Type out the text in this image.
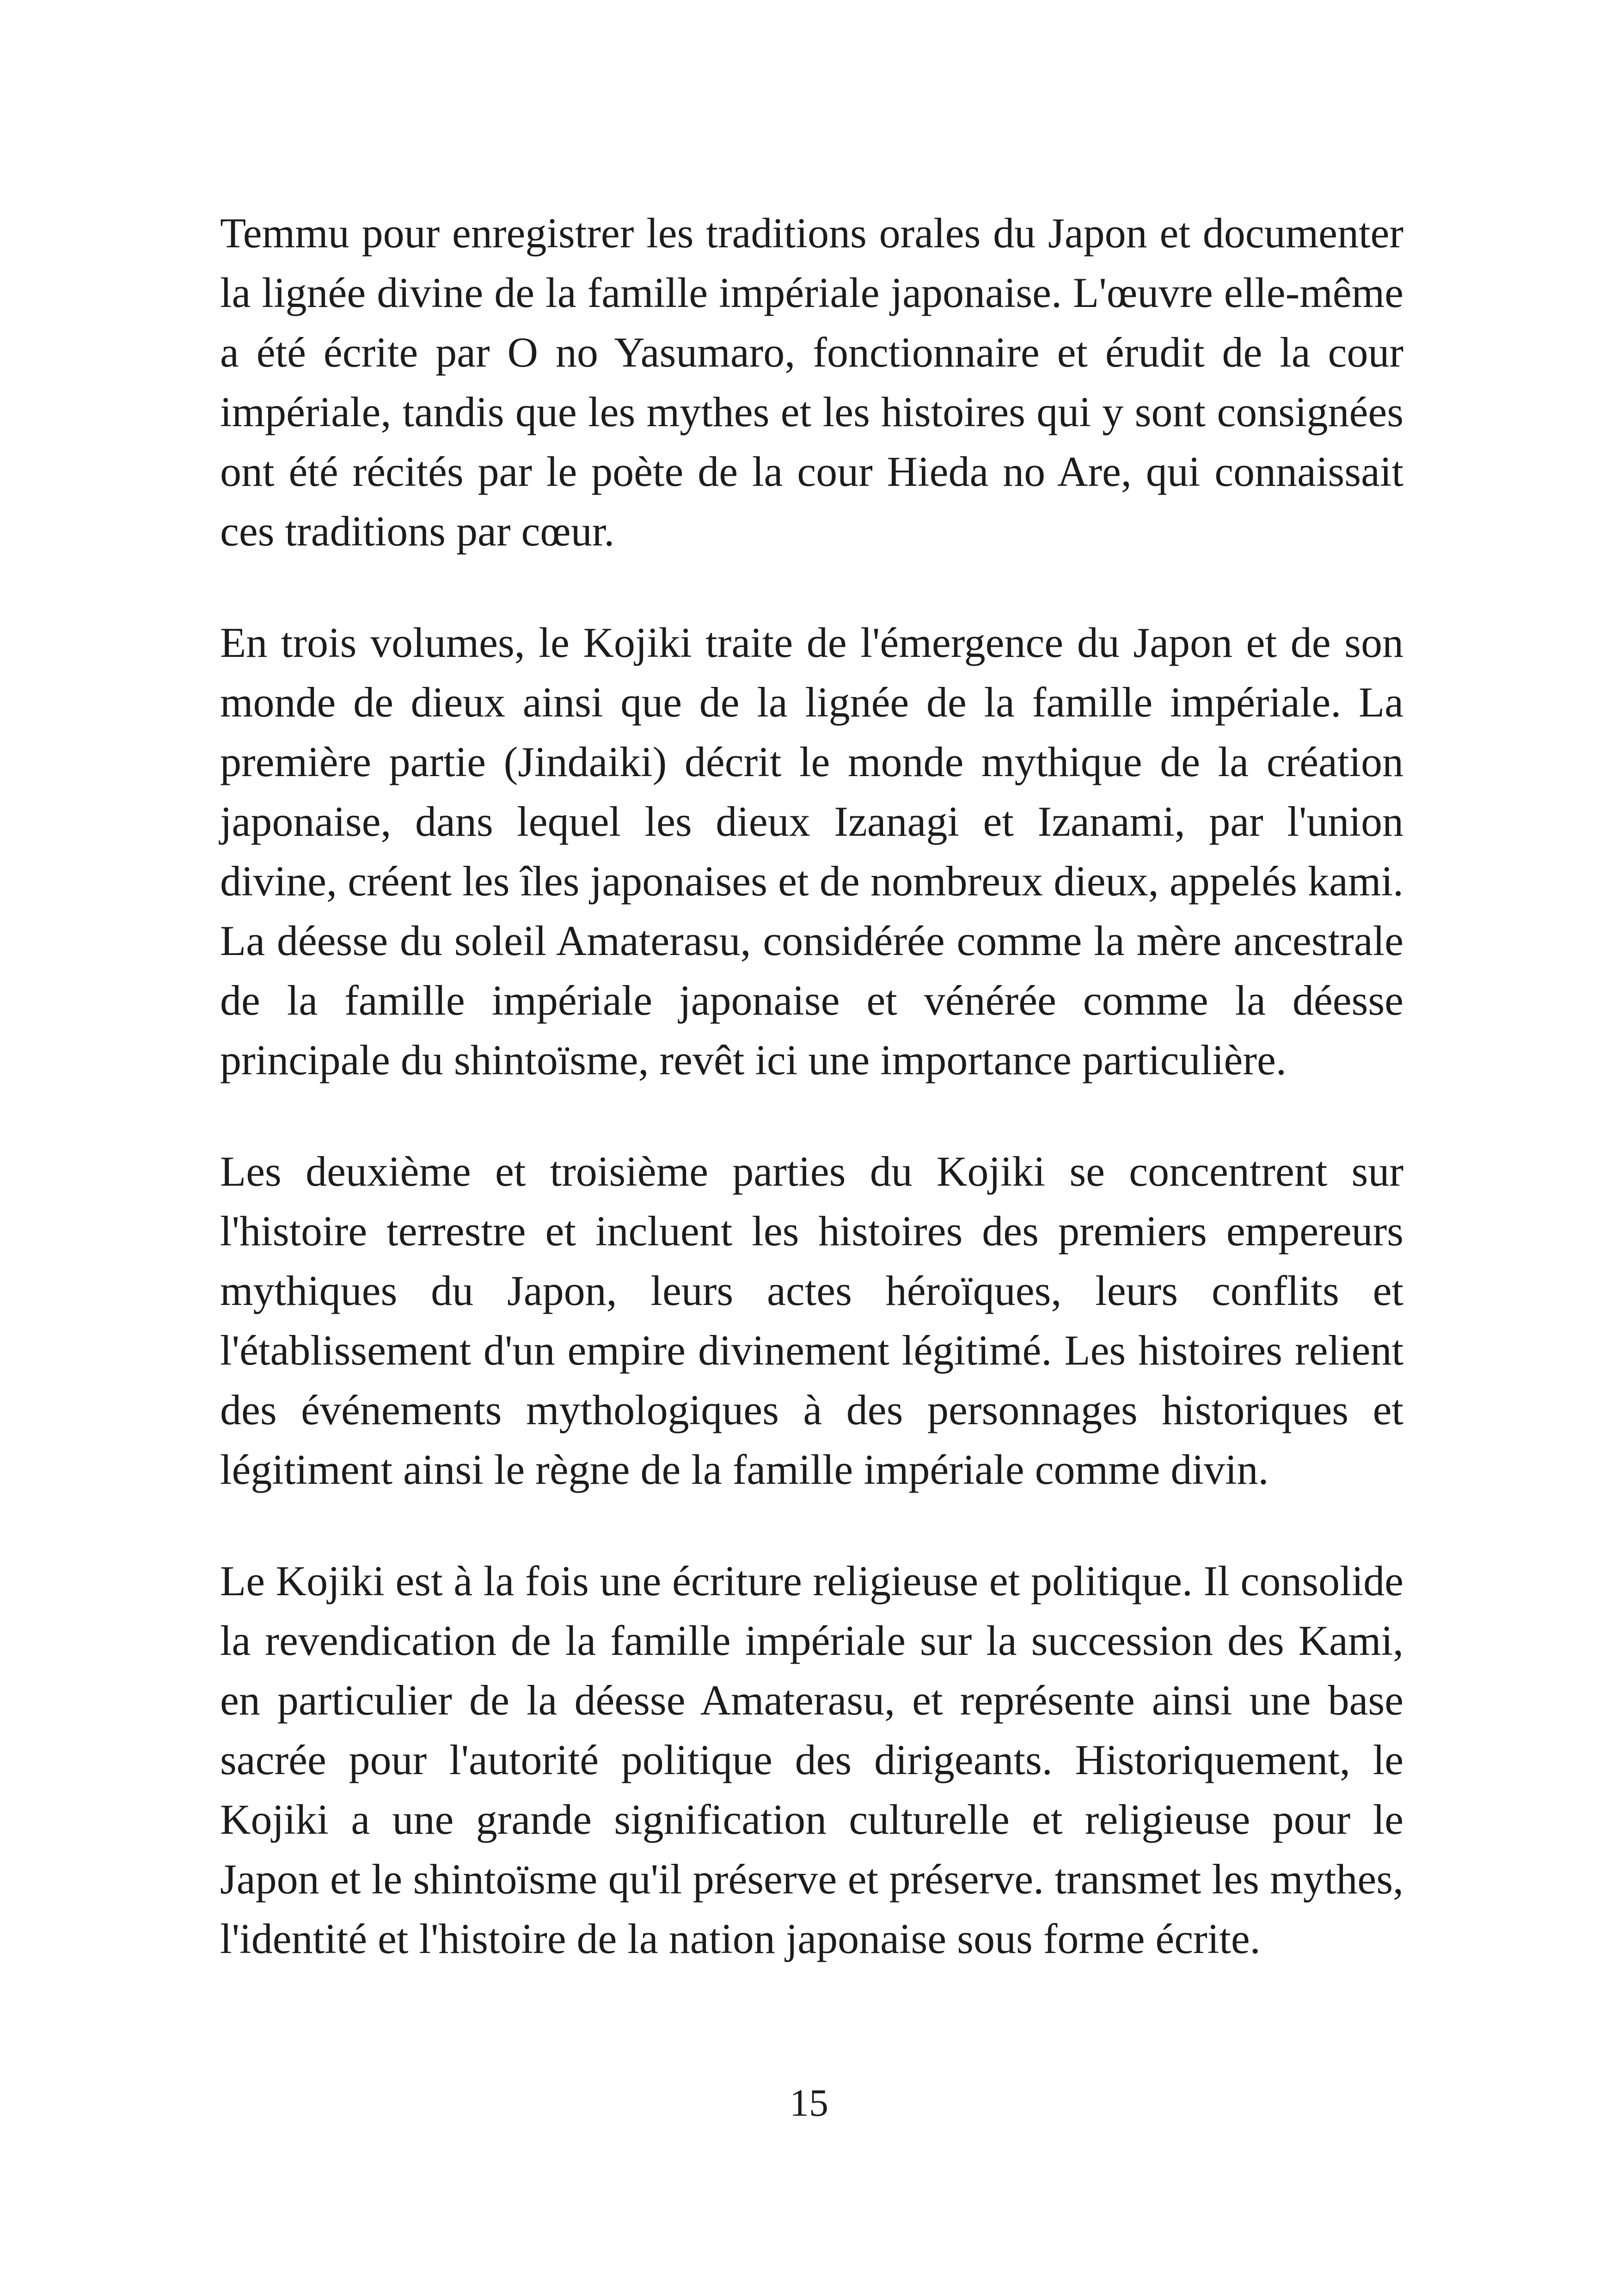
Temmu pour enregistrer les traditions orales du Japon et documenter la lignée divine de la famille impériale japonaise. L'œuvre elle-même a été écrite par O no Yasumaro, fonctionnaire et érudit de la cour impériale, tandis que les mythes et les histoires qui y sont consignées ont été récités par le poète de la cour Hieda no Are, qui connaissait ces traditions par cœur.

En trois volumes, le Kojiki traite de l'émergence du Japon et de son monde de dieux ainsi que de la lignée de la famille impériale. La première partie (Jindaiki) décrit le monde mythique de la création japonaise, dans lequel les dieux Izanagi et Izanami, par l'union divine, créent les îles japonaises et de nombreux dieux, appelés kami. La déesse du soleil Amaterasu, considérée comme la mère ancestrale de la famille impériale japonaise et vénérée comme la déesse principale du shintoïsme, revêt ici une importance particulière.

Les deuxième et troisième parties du Kojiki se concentrent sur l'histoire terrestre et incluent les histoires des premiers empereurs mythiques du Japon, leurs actes héroïques, leurs conflits et l'établissement d'un empire divinement légitimé. Les histoires relient des événements mythologiques à des personnages historiques et légitiment ainsi le règne de la famille impériale comme divin.

Le Kojiki est à la fois une écriture religieuse et politique. Il consolide la revendication de la famille impériale sur la succession des Kami, en particulier de la déesse Amaterasu, et représente ainsi une base sacrée pour l'autorité politique des dirigeants. Historiquement, le Kojiki a une grande signification culturelle et religieuse pour le Japon et le shintoïsme qu'il préserve et préserve. transmet les mythes, l'identité et l'histoire de la nation japonaise sous forme écrite.

15
